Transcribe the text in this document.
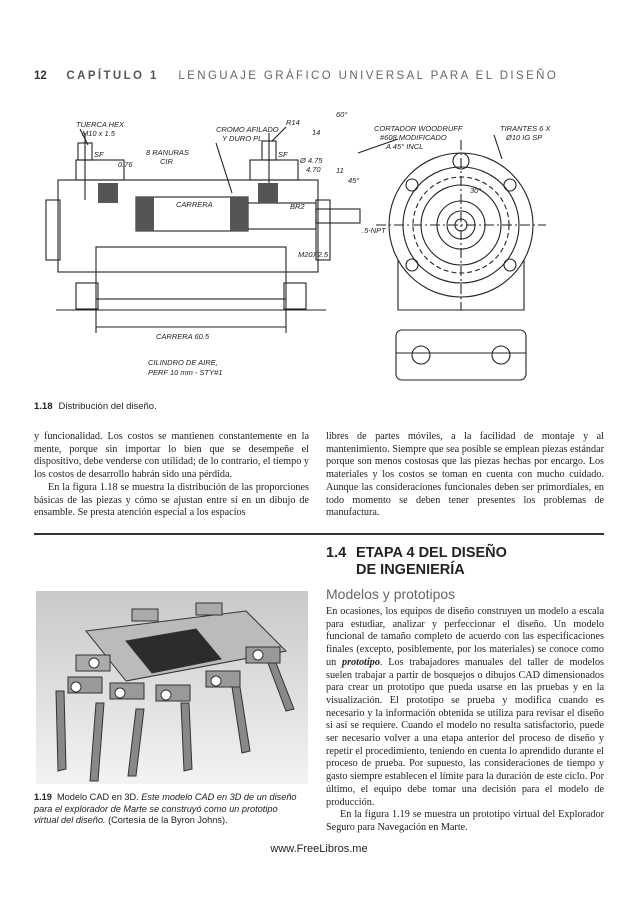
12 CAPÍTULO 1 LENGUAJE GRÁFICO UNIVERSAL PARA EL DISEÑO
TUERCA HEX
M10 x 1.5
8 RANURAS
CIR
0.76
CROMO AFILADO
Y DURO PL
R14
14
60°
CORTADOR WOODRUFF
#608 MODIFICADO
A 45° INCL
TIRANTES 6 X
Ø10 IG SP
SF	SF
Ø 4.75
4.70 11
45°
CARRERA	BR2
.5-NPT
M20X2.5
30°
CARRERA 60.5
CILINDRO DE AIRE,
PERF 10 mm - STY#1
1.18 Distribución del diseño.

y funcionalidad. Los costos se mantienen constantemente en la mente, porque sin importar lo bien que se desempeñe el dispositivo, debe venderse con utilidad; de lo contrario, el tiempo y los costos de desarrollo habrán sido una pérdida.

En la figura 1.18 se muestra la distribución de las proporciones básicas de las piezas y cómo se ajustan entre sí en un dibujo de ensamble. Se presta atención especial a los espacios

libres de partes móviles, a la facilidad de montaje y al mantenimiento. Siempre que sea posible se emplean piezas estándar porque son menos costosas que las piezas hechas por encargo. Los materiales y los costos se toman en cuenta con mucho cuidado. Aunque las consideraciones funcionales deben ser primordiales, en todo momento se deben tener presentes los problemas de manufactura.

1.4 ETAPA 4 DEL DISEÑO
DE INGENIERÍA
Modelos y prototipos

En ocasiones, los equipos de diseño construyen un modelo a escala para estudiar, analizar y perfeccionar el diseño. Un modelo funcional de tamaño completo de acuerdo con las especificaciones finales (excepto, posiblemente, por los materiales) se conoce como un prototipo. Los trabajadores manuales del taller de modelos suelen trabajar a partir de bosquejos o dibujos CAD dimensionados para crear un prototipo que pueda usarse en las pruebas y en la visualización. El prototipo se prueba y modifica cuando es necesario y la información obtenida se utiliza para revisar el diseño si así se requiere. Cuando el modelo no resulta satisfactorio, puede ser necesario volver a una etapa anterior del proceso de diseño y repetir el procedimiento, teniendo en cuenta lo aprendido durante el proceso de prueba. Por supuesto, las consideraciones de tiempo y gasto siempre establecen el límite para la duración de este ciclo. Por último, el equipo debe tomar una decisión para el modelo de producción.

En la figura 1.19 se muestra un prototipo virtual del Explorador Seguro para Navegación en Marte.

1.19 Modelo CAD en 3D. Este modelo CAD en 3D de un diseño para el explorador de Marte se construyó como un prototipo virtual del diseño. (Cortesía de la Byron Johns).
www.FreeLibros.me
